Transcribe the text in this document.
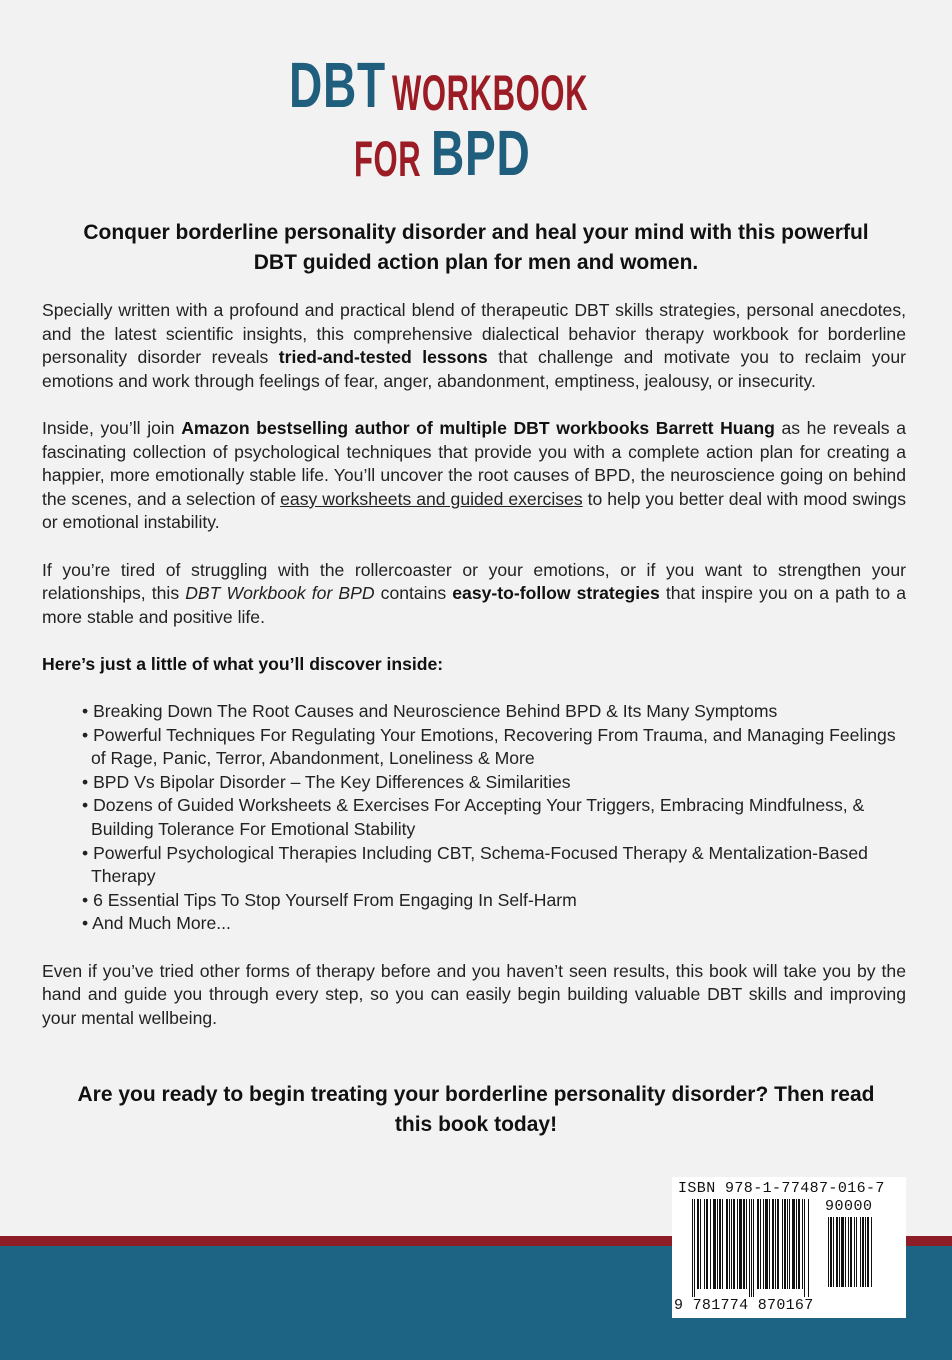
DBT WORKBOOK
FOR BPD
Conquer borderline personality disorder and heal your mind with this powerful
DBT guided action plan for men and women.

Specially written with a profound and practical blend of therapeutic DBT skills strategies, personal anecdotes, and the latest scientific insights, this comprehensive dialectical behavior therapy workbook for borderline personality disorder reveals tried-and-tested lessons that challenge and motivate you to reclaim your emotions and work through feelings of fear, anger, abandonment, emptiness, jealousy, or insecurity.

Inside, you’ll join Amazon bestselling author of multiple DBT workbooks Barrett Huang as he reveals a fascinating collection of psychological techniques that provide you with a complete action plan for creating a happier, more emotionally stable life. You’ll uncover the root causes of BPD, the neuroscience going on behind the scenes, and a selection of easy worksheets and guided exercises to help you better deal with mood swings or emotional instability.

If you’re tired of struggling with the rollercoaster or your emotions, or if you want to strengthen your relationships, this DBT Workbook for BPD contains easy-to-follow strategies that inspire you on a path to a more stable and positive life.

Here’s just a little of what you’ll discover inside:

• Breaking Down The Root Causes and Neuroscience Behind BPD & Its Many Symptoms
• Powerful Techniques For Regulating Your Emotions, Recovering From Trauma, and Managing Feelings of Rage, Panic, Terror, Abandonment, Loneliness & More
• BPD Vs Bipolar Disorder – The Key Differences & Similarities
• Dozens of Guided Worksheets & Exercises For Accepting Your Triggers, Embracing Mindfulness, & Building Tolerance For Emotional Stability
• Powerful Psychological Therapies Including CBT, Schema-Focused Therapy & Mentalization-Based Therapy
• 6 Essential Tips To Stop Yourself From Engaging In Self-Harm
• And Much More...

Even if you’ve tried other forms of therapy before and you haven’t seen results, this book will take you by the hand and guide you through every step, so you can easily begin building valuable DBT skills and improving your mental wellbeing.

Are you ready to begin treating your borderline personality disorder? Then read
this book today!
ISBN 978-1-77487-016-7
90000
9 781774 870167
